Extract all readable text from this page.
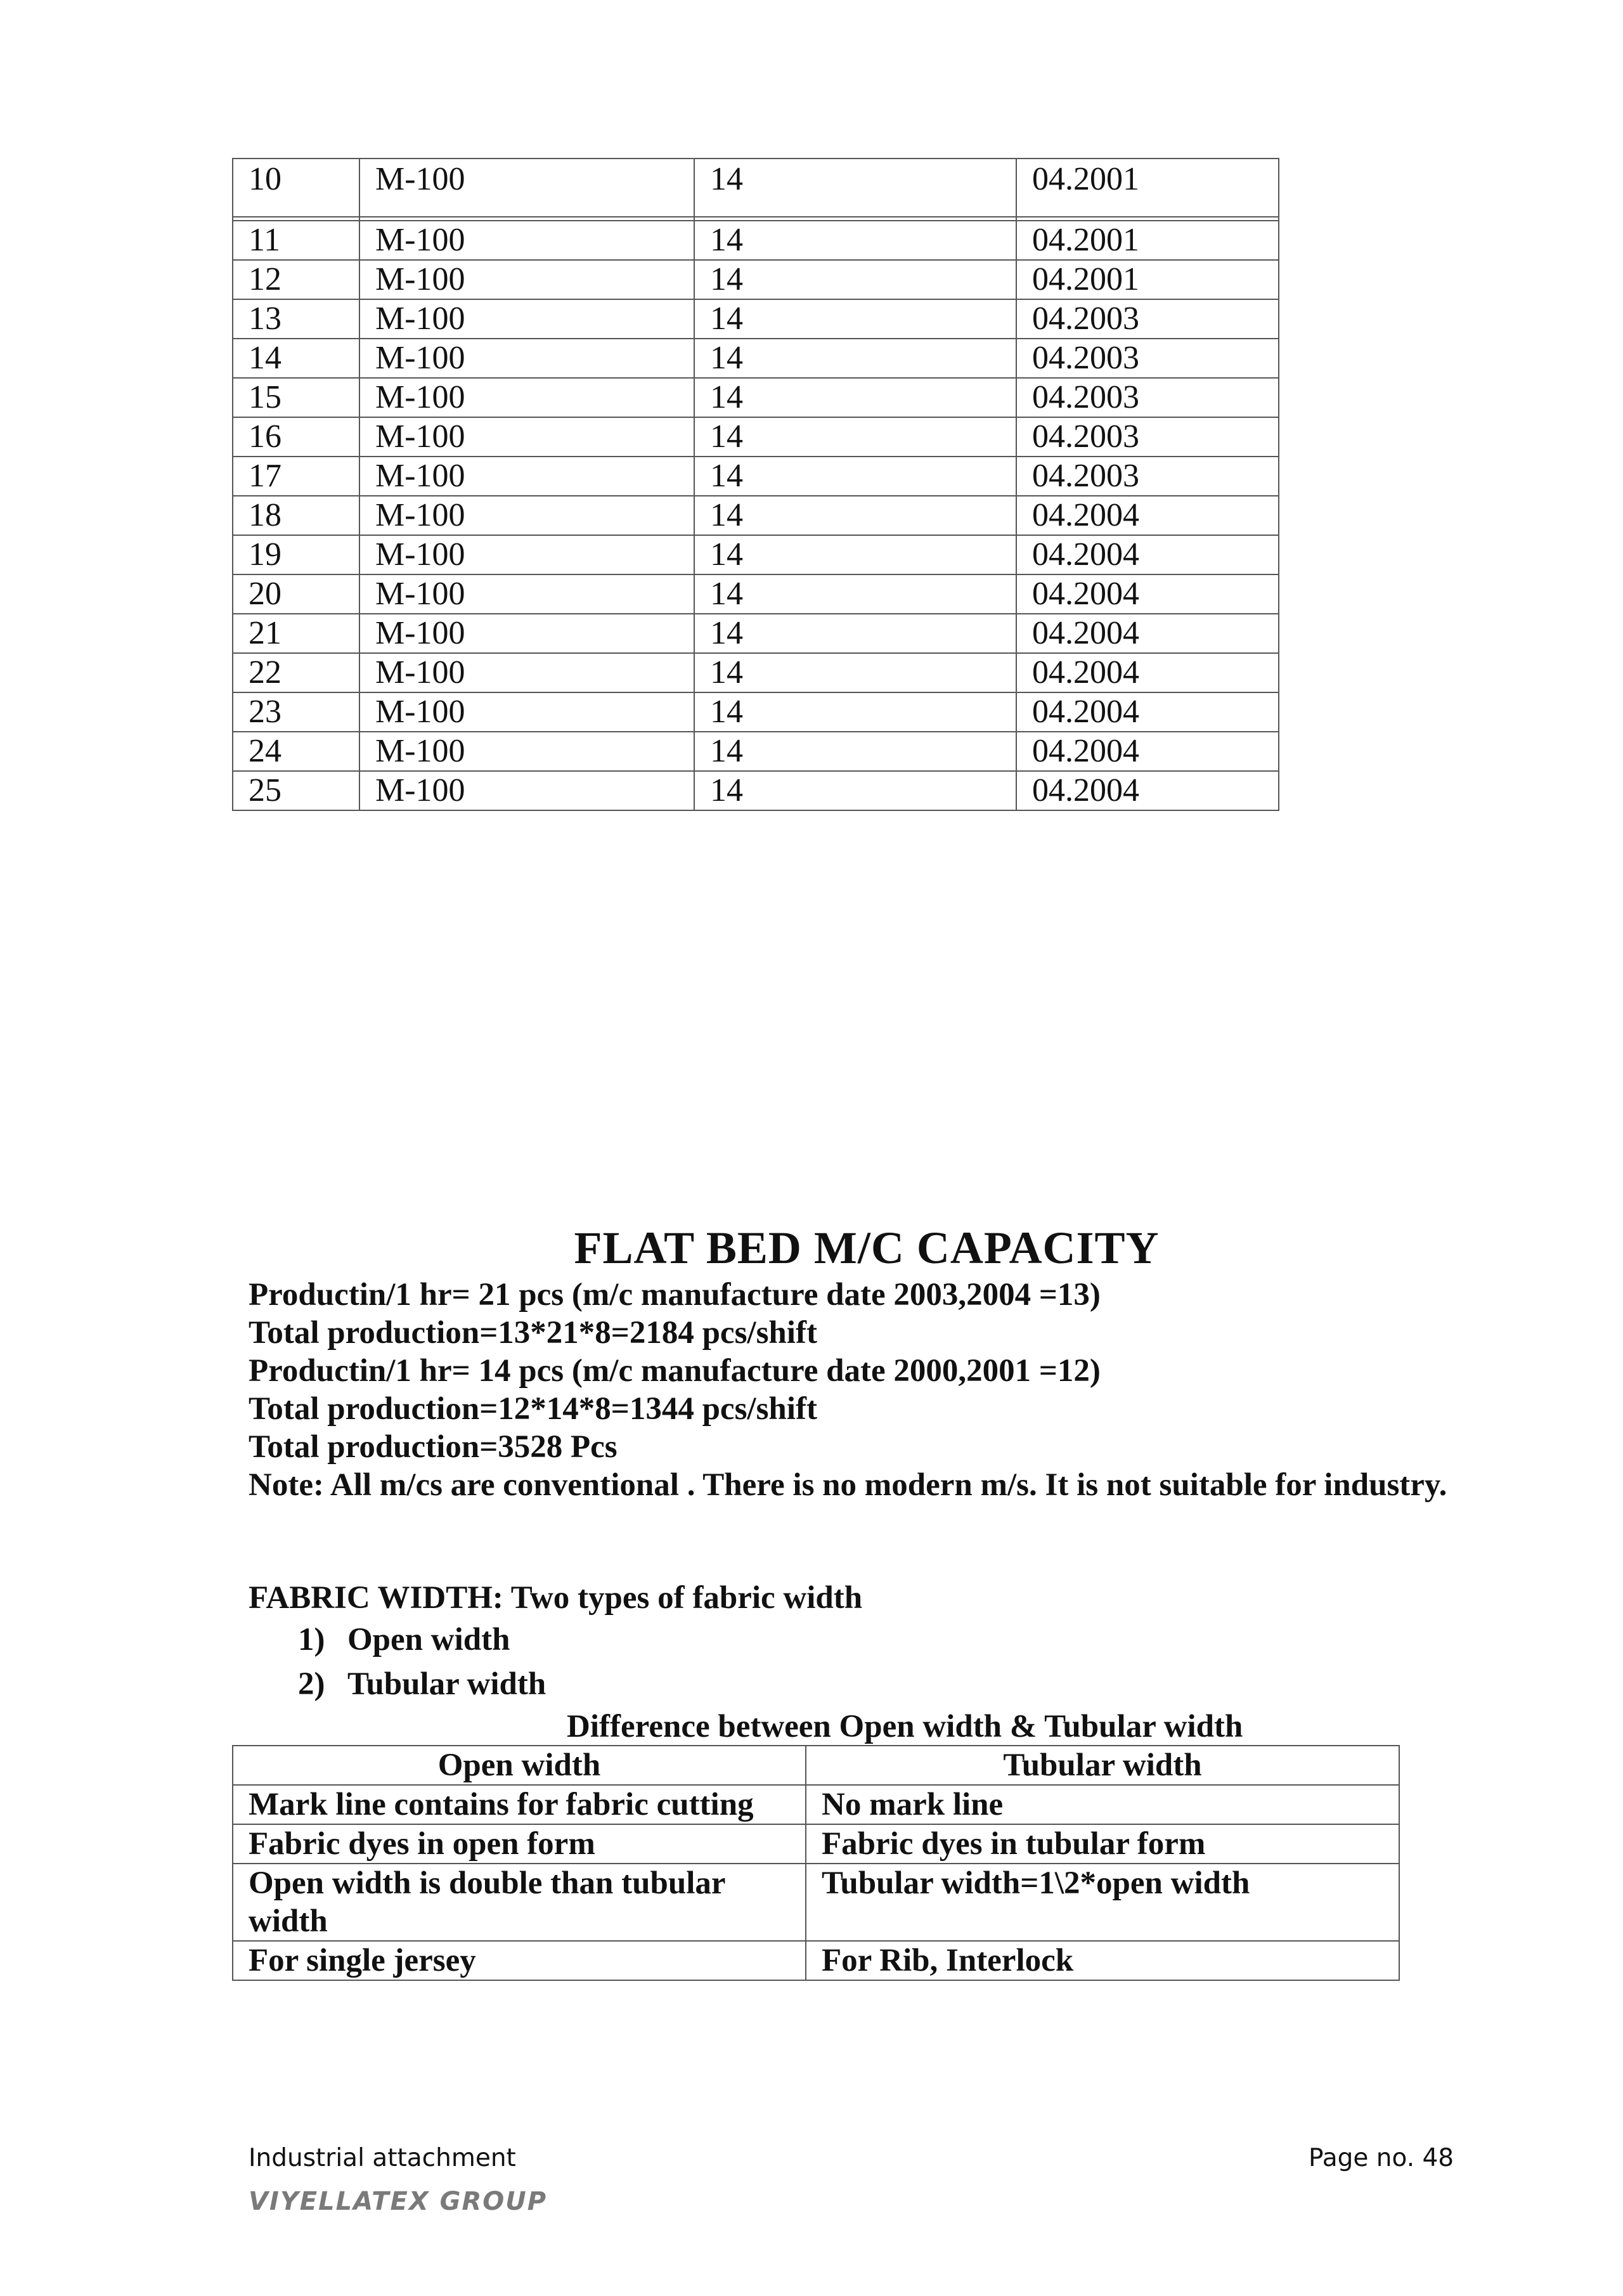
10	M-100	14	04.2001

11	M-100	14	04.2001
12	M-100	14	04.2001
13	M-100	14	04.2003
14	M-100	14	04.2003
15	M-100	14	04.2003
16	M-100	14	04.2003
17	M-100	14	04.2003
18	M-100	14	04.2004
19	M-100	14	04.2004
20	M-100	14	04.2004
21	M-100	14	04.2004
22	M-100	14	04.2004
23	M-100	14	04.2004
24	M-100	14	04.2004
25	M-100	14	04.2004
FLAT BED M/C CAPACITY
Productin/1 hr= 21 pcs (m/c manufacture date 2003,2004 =13)
Total production=13*21*8=2184 pcs/shift
Productin/1 hr= 14 pcs (m/c manufacture date 2000,2001 =12)
Total production=12*14*8=1344 pcs/shift
Total production=3528 Pcs
Note: All m/cs are conventional . There is no modern m/s. It is not suitable for industry.
FABRIC WIDTH: Two types of fabric width
1) Open width
2) Tubular width
Difference between Open width & Tubular width
Open width	Tubular width
Mark line contains for fabric cutting	No mark line
Fabric dyes in open form	Fabric dyes in tubular form
Open width is double than tubular width	Tubular width=1\2*open width
For single jersey	For Rib, Interlock
Industrial attachment	Page no. 48
VIYELLATEX GROUP
